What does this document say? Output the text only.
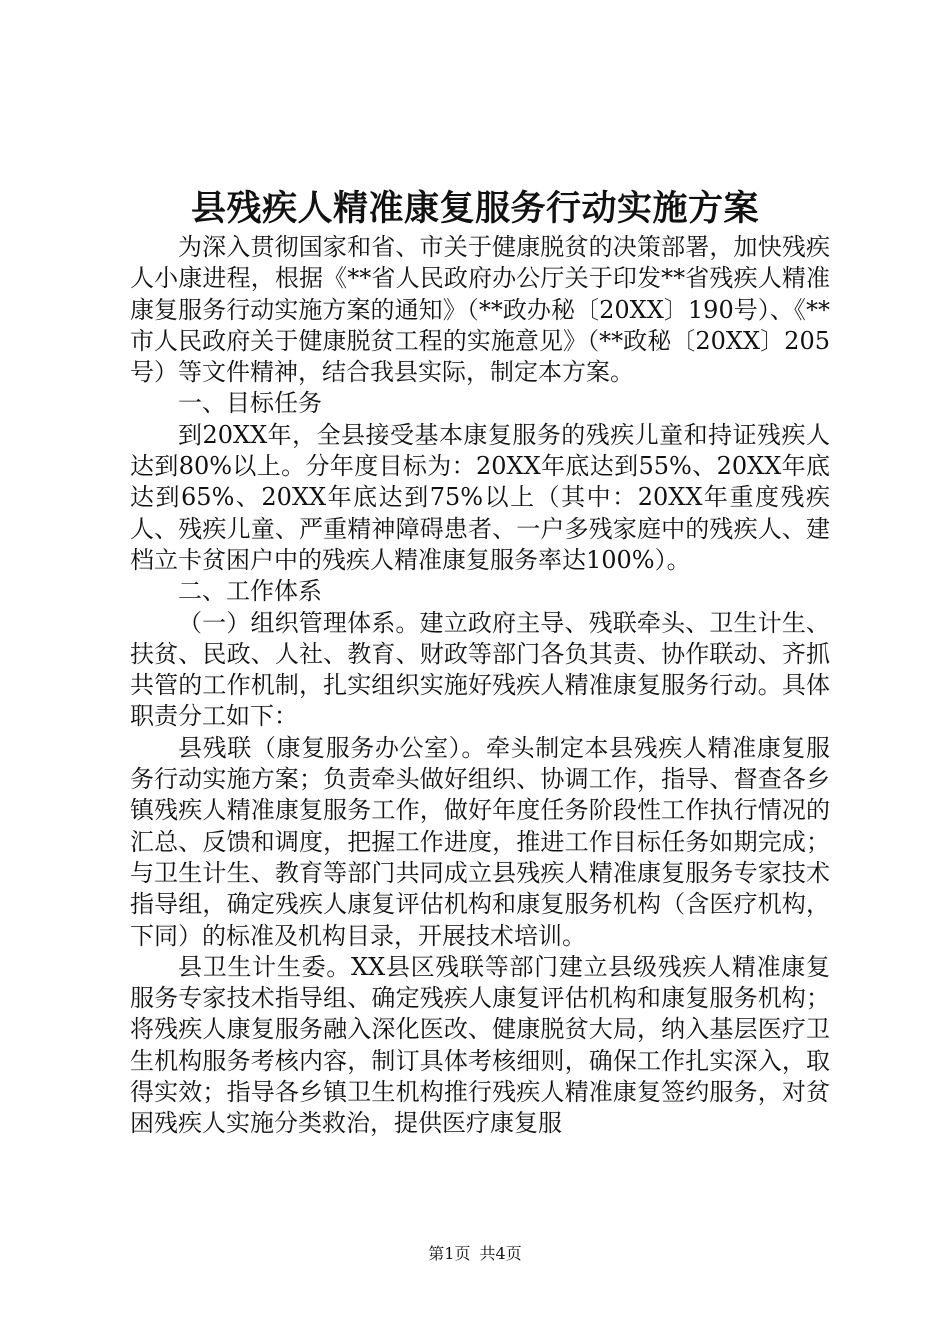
县残疾人精准康复服务行动实施方案

为深入贯彻国家和省、市关于健康脱贫的决策部署，加快残疾人小康进程，根据《**省人民政府办公厅关于印发**省残疾人精准康复服务行动实施方案的通知》（**政办秘〔20XX〕190号）、《**市人民政府关于健康脱贫工程的实施意见》（**政秘〔20XX〕205号）等文件精神，结合我县实际，制定本方案。

一、目标任务

到20XX年，全县接受基本康复服务的残疾儿童和持证残疾人达到80%以上。分年度目标为：20XX年底达到55%、20XX年底达到65%、20XX年底达到75%以上（其中：20XX年重度残疾人、残疾儿童、严重精神障碍患者、一户多残家庭中的残疾人、建档立卡贫困户中的残疾人精准康复服务率达100%）。

二、工作体系

（一）组织管理体系。建立政府主导、残联牵头、卫生计生、扶贫、民政、人社、教育、财政等部门各负其责、协作联动、齐抓共管的工作机制，扎实组织实施好残疾人精准康复服务行动。具体职责分工如下：

县残联（康复服务办公室）。牵头制定本县残疾人精准康复服务行动实施方案；负责牵头做好组织、协调工作，指导、督查各乡镇残疾人精准康复服务工作，做好年度任务阶段性工作执行情况的汇总、反馈和调度，把握工作进度，推进工作目标任务如期完成；与卫生计生、教育等部门共同成立县残疾人精准康复服务专家技术指导组，确定残疾人康复评估机构和康复服务机构（含医疗机构，下同）的标准及机构目录，开展技术培训。

县卫生计生委。XX县区残联等部门建立县级残疾人精准康复服务专家技术指导组、确定残疾人康复评估机构和康复服务机构；将残疾人康复服务融入深化医改、健康脱贫大局，纳入基层医疗卫生机构服务考核内容，制订具体考核细则，确保工作扎实深入，取得实效；指导各乡镇卫生机构推行残疾人精准康复签约服务，对贫困残疾人实施分类救治，提供医疗康复服

第1页 共4页
